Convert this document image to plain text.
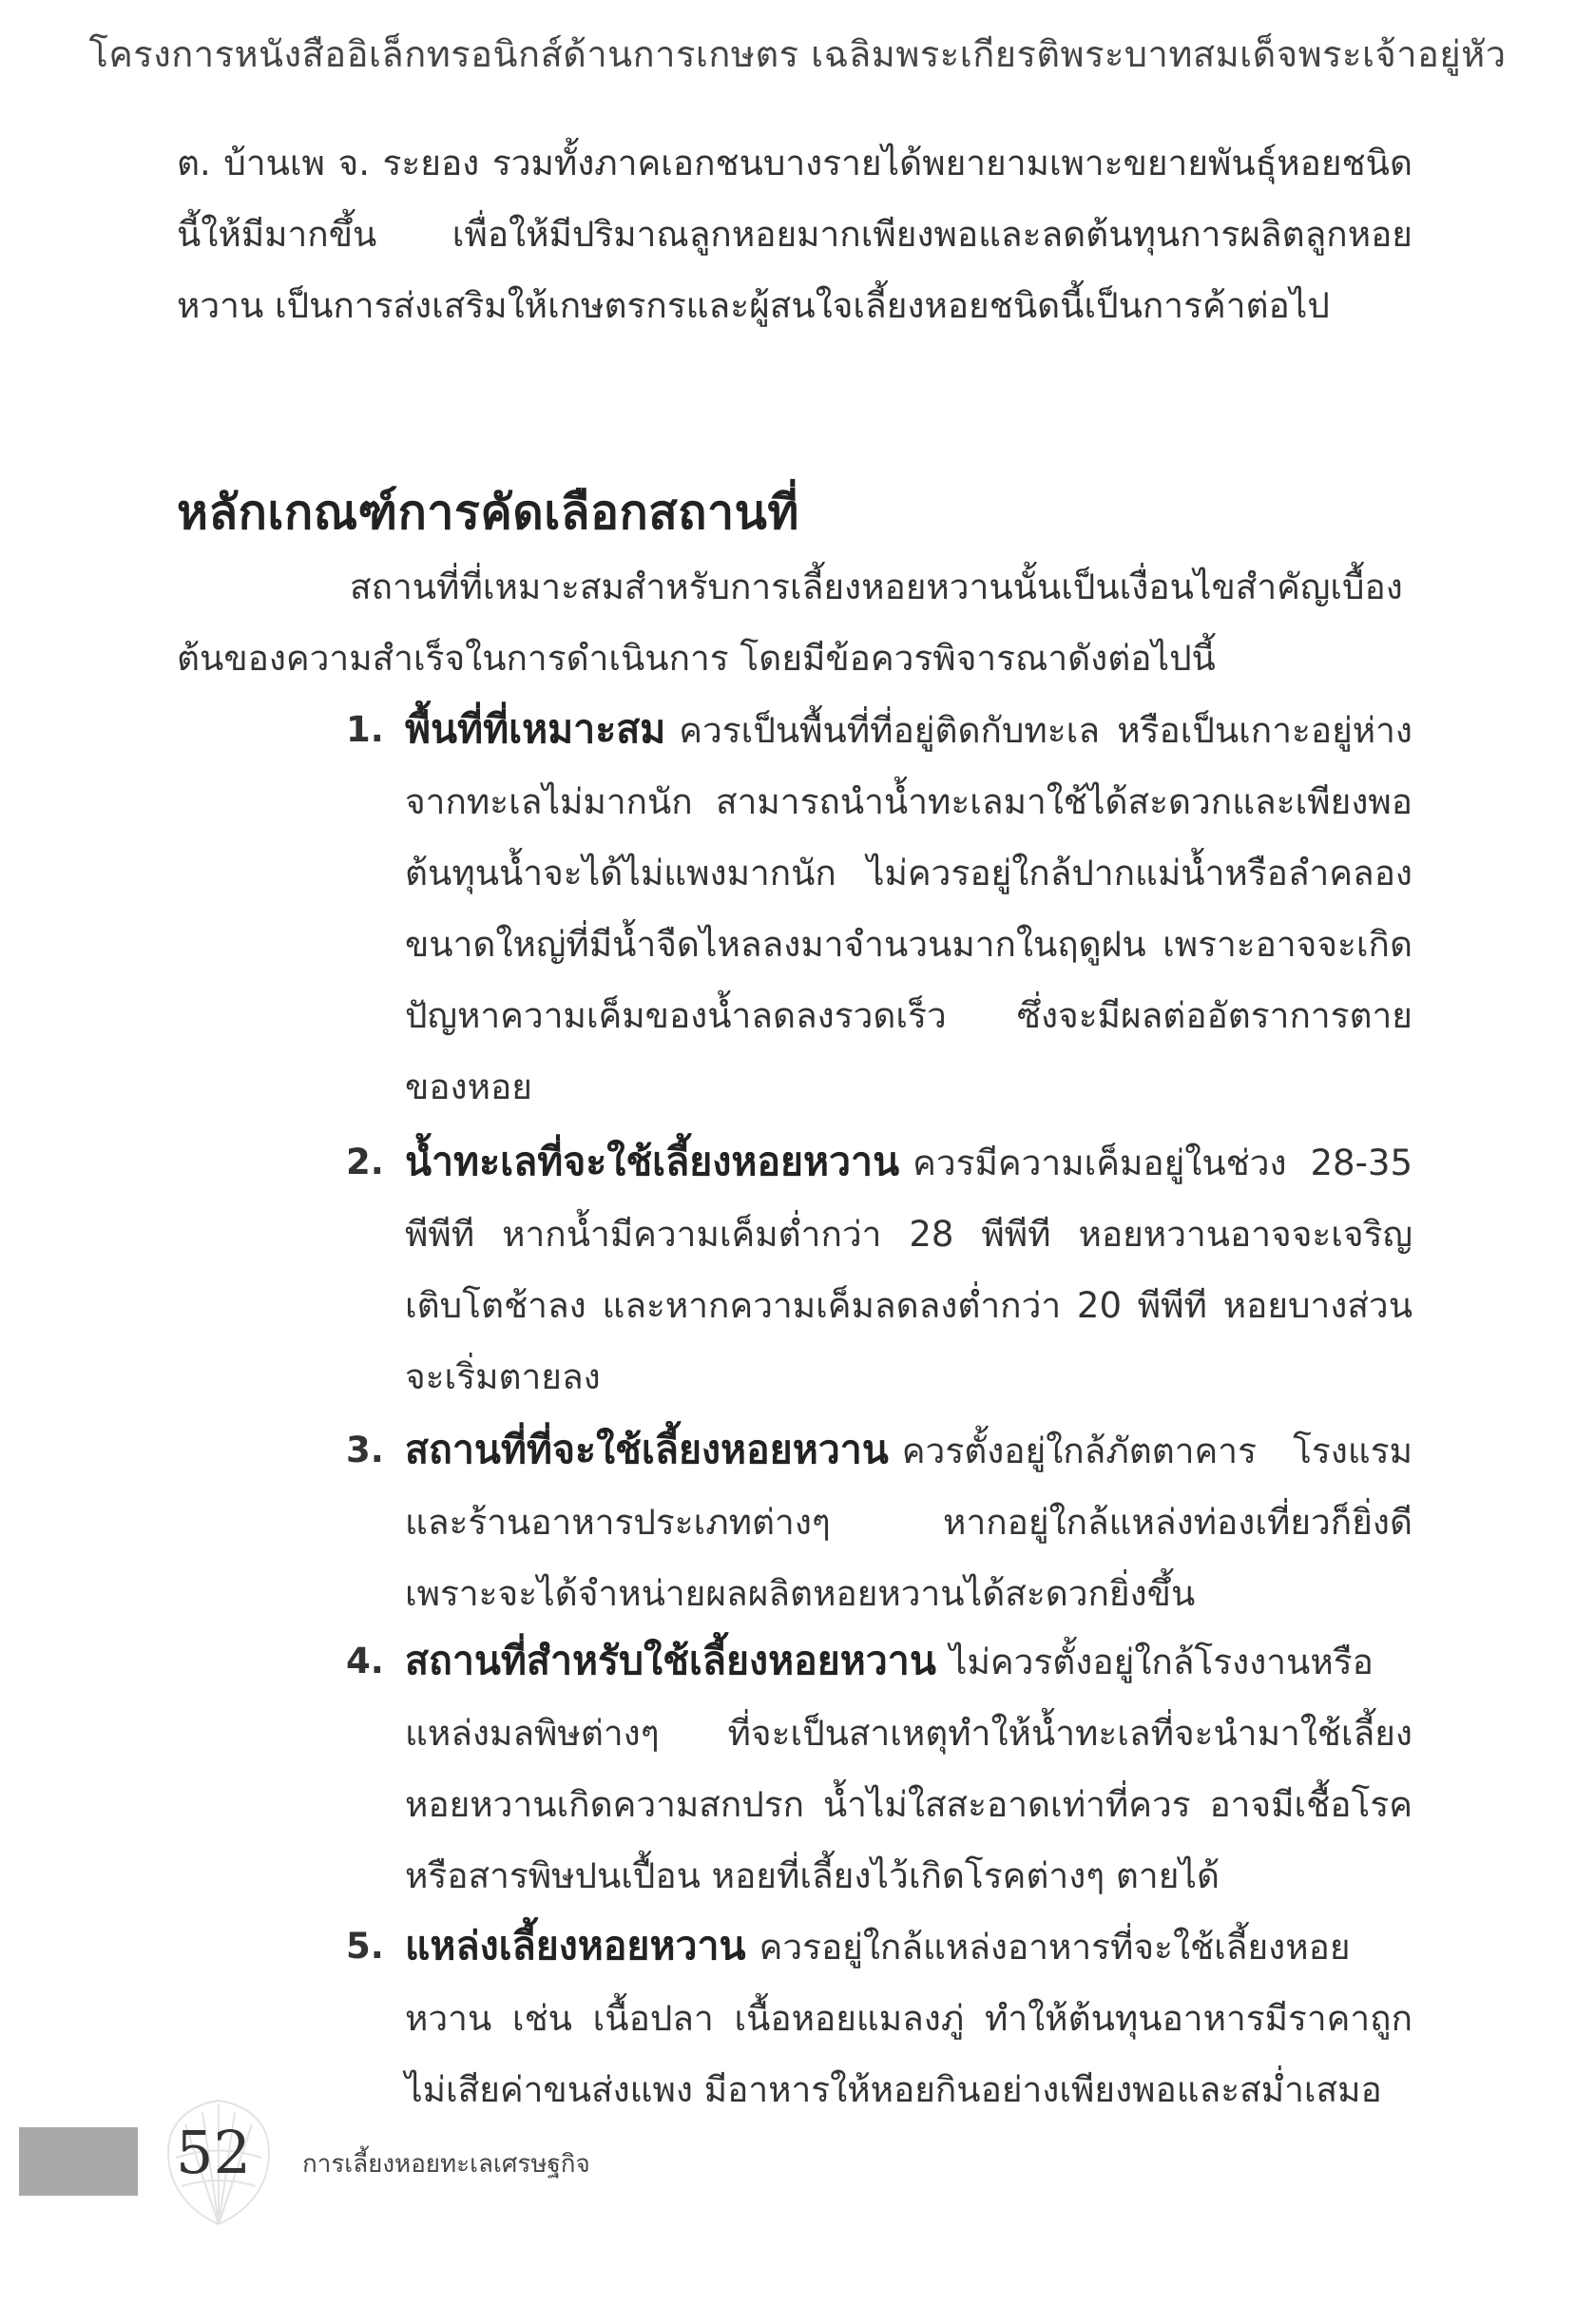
โครงการหนังสืออิเล็กทรอนิกส์ด้านการเกษตร เฉลิมพระเกียรติพระบาทสมเด็จพระเจ้าอยู่หัว
ต. บ้านเพ จ. ระยอง รวมทั้งภาคเอกชนบางรายได้พยายามเพาะขยายพันธุ์หอยชนิดนี้ให้มีมากขึ้น เพื่อให้มีปริมาณลูกหอยมากเพียงพอและลดต้นทุนการผลิตลูกหอยหวาน เป็นการส่งเสริมให้เกษตรกรและผู้สนใจเลี้ยงหอยชนิดนี้เป็นการค้าต่อไป
หลักเกณฑ์การคัดเลือกสถานที่
สถานที่ที่เหมาะสมสำหรับการเลี้ยงหอยหวานนั้นเป็นเงื่อนไขสำคัญเบื้องต้นของความสำเร็จในการดำเนินการ โดยมีข้อควรพิจารณาดังต่อไปนี้
1. พื้นที่ที่เหมาะสม ควรเป็นพื้นที่ที่อยู่ติดกับทะเล หรือเป็นเกาะอยู่ห่างจากทะเลไม่มากนัก สามารถนำน้ำทะเลมาใช้ได้สะดวกและเพียงพอ ต้นทุนน้ำจะได้ไม่แพงมากนัก ไม่ควรอยู่ใกล้ปากแม่น้ำหรือลำคลองขนาดใหญ่ที่มีน้ำจืดไหลลงมาจำนวนมากในฤดูฝน เพราะอาจจะเกิดปัญหาความเค็มของน้ำลดลงรวดเร็ว ซึ่งจะมีผลต่ออัตราการตายของหอย
2. น้ำทะเลที่จะใช้เลี้ยงหอยหวาน ควรมีความเค็มอยู่ในช่วง 28-35 พีพีที หากน้ำมีความเค็มต่ำกว่า 28 พีพีที หอยหวานอาจจะเจริญเติบโตช้าลง และหากความเค็มลดลงต่ำกว่า 20 พีพีที หอยบางส่วนจะเริ่มตายลง
3. สถานที่ที่จะใช้เลี้ยงหอยหวาน ควรตั้งอยู่ใกล้ภัตตาคาร โรงแรม และร้านอาหารประเภทต่างๆ หากอยู่ใกล้แหล่งท่องเที่ยวก็ยิ่งดี เพราะจะได้จำหน่ายผลผลิตหอยหวานได้สะดวกยิ่งขึ้น
4. สถานที่สำหรับใช้เลี้ยงหอยหวาน ไม่ควรตั้งอยู่ใกล้โรงงานหรือแหล่งมลพิษต่างๆ ที่จะเป็นสาเหตุทำให้น้ำทะเลที่จะนำมาใช้เลี้ยงหอยหวานเกิดความสกปรก น้ำไม่ใสสะอาดเท่าที่ควร อาจมีเชื้อโรคหรือสารพิษปนเปื้อน หอยที่เลี้ยงไว้เกิดโรคต่างๆ ตายได้
5. แหล่งเลี้ยงหอยหวาน ควรอยู่ใกล้แหล่งอาหารที่จะใช้เลี้ยงหอยหวาน เช่น เนื้อปลา เนื้อหอยแมลงภู่ ทำให้ต้นทุนอาหารมีราคาถูก ไม่เสียค่าขนส่งแพง มีอาหารให้หอยกินอย่างเพียงพอและสม่ำเสมอ
52 การเลี้ยงหอยทะเลเศรษฐกิจ
